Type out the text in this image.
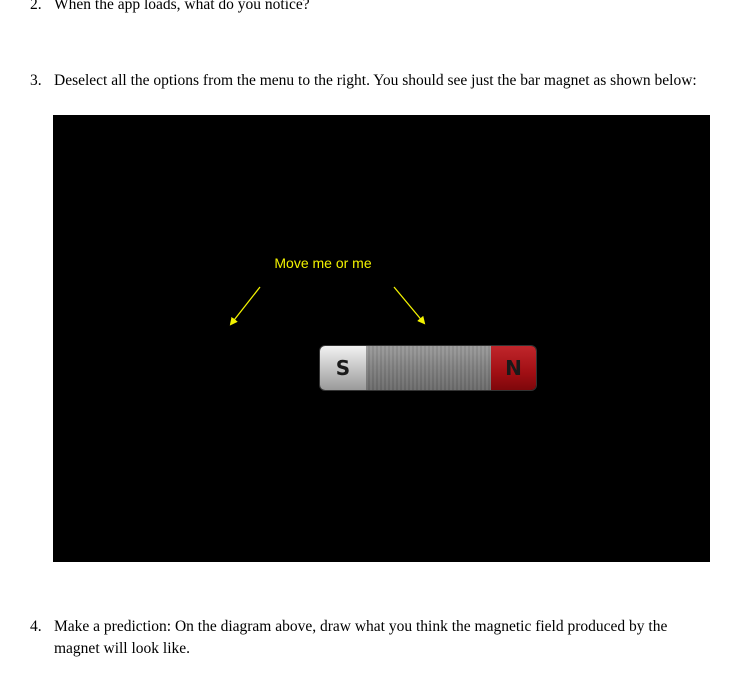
2. When the app loads, what do you notice?
3. Deselect all the options from the menu to the right. You should see just the bar magnet as shown below:
Move me or me
S	N
4. Make a prediction: On the diagram above, draw what you think the magnetic field produced by the magnet will look like.
